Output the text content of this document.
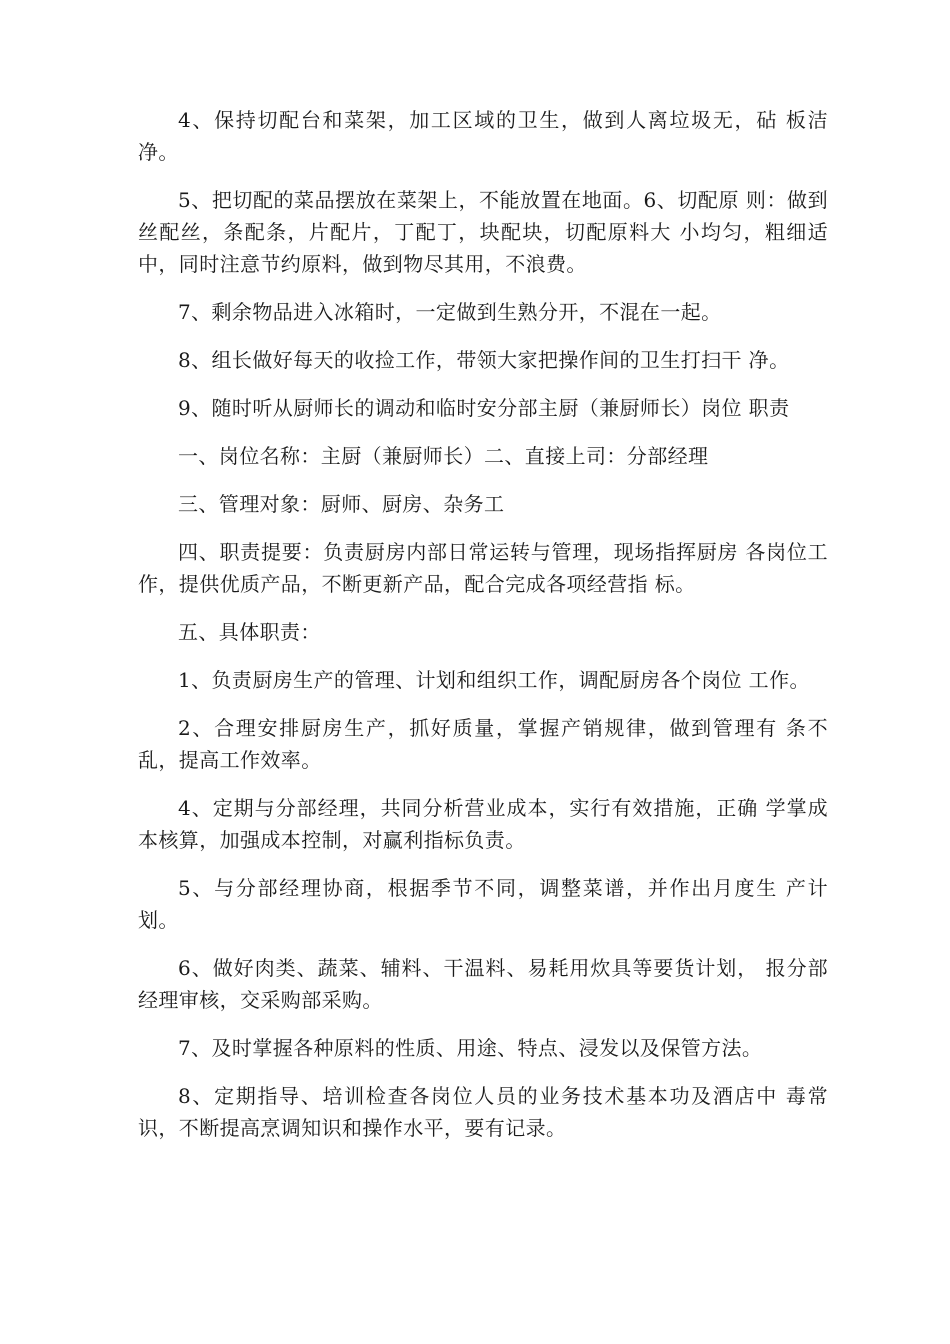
4、保持切配台和菜架，加工区域的卫生，做到人离垃圾无，砧 板洁净。

5、把切配的菜品摆放在菜架上，不能放置在地面。6、切配原 则：做到丝配丝，条配条，片配片，丁配丁，块配块，切配原料大 小均匀，粗细适中，同时注意节约原料，做到物尽其用，不浪费。

7、剩余物品进入冰箱时，一定做到生熟分开，不混在一起。

8、组长做好每天的收捡工作，带领大家把操作间的卫生打扫干 净。

9、随时听从厨师长的调动和临时安分部主厨（兼厨师长）岗位 职责

一、岗位名称：主厨（兼厨师长）二、直接上司：分部经理

三、管理对象：厨师、厨房、杂务工

四、职责提要：负责厨房内部日常运转与管理，现场指挥厨房 各岗位工作，提供优质产品，不断更新产品，配合完成各项经营指 标。

五、具体职责：

1、负责厨房生产的管理、计划和组织工作，调配厨房各个岗位 工作。

2、合理安排厨房生产，抓好质量，掌握产销规律，做到管理有 条不乱，提高工作效率。

4、定期与分部经理，共同分析营业成本，实行有效措施，正确 学掌成本核算，加强成本控制，对赢利指标负责。

5、与分部经理协商，根据季节不同，调整菜谱，并作出月度生 产计划。

6、做好肉类、蔬菜、辅料、干温料、易耗用炊具等要货计划， 报分部经理审核，交采购部采购。

7、及时掌握各种原料的性质、用途、特点、浸发以及保管方法。

8、定期指导、培训检查各岗位人员的业务技术基本功及酒店中 毒常识，不断提高烹调知识和操作水平，要有记录。
